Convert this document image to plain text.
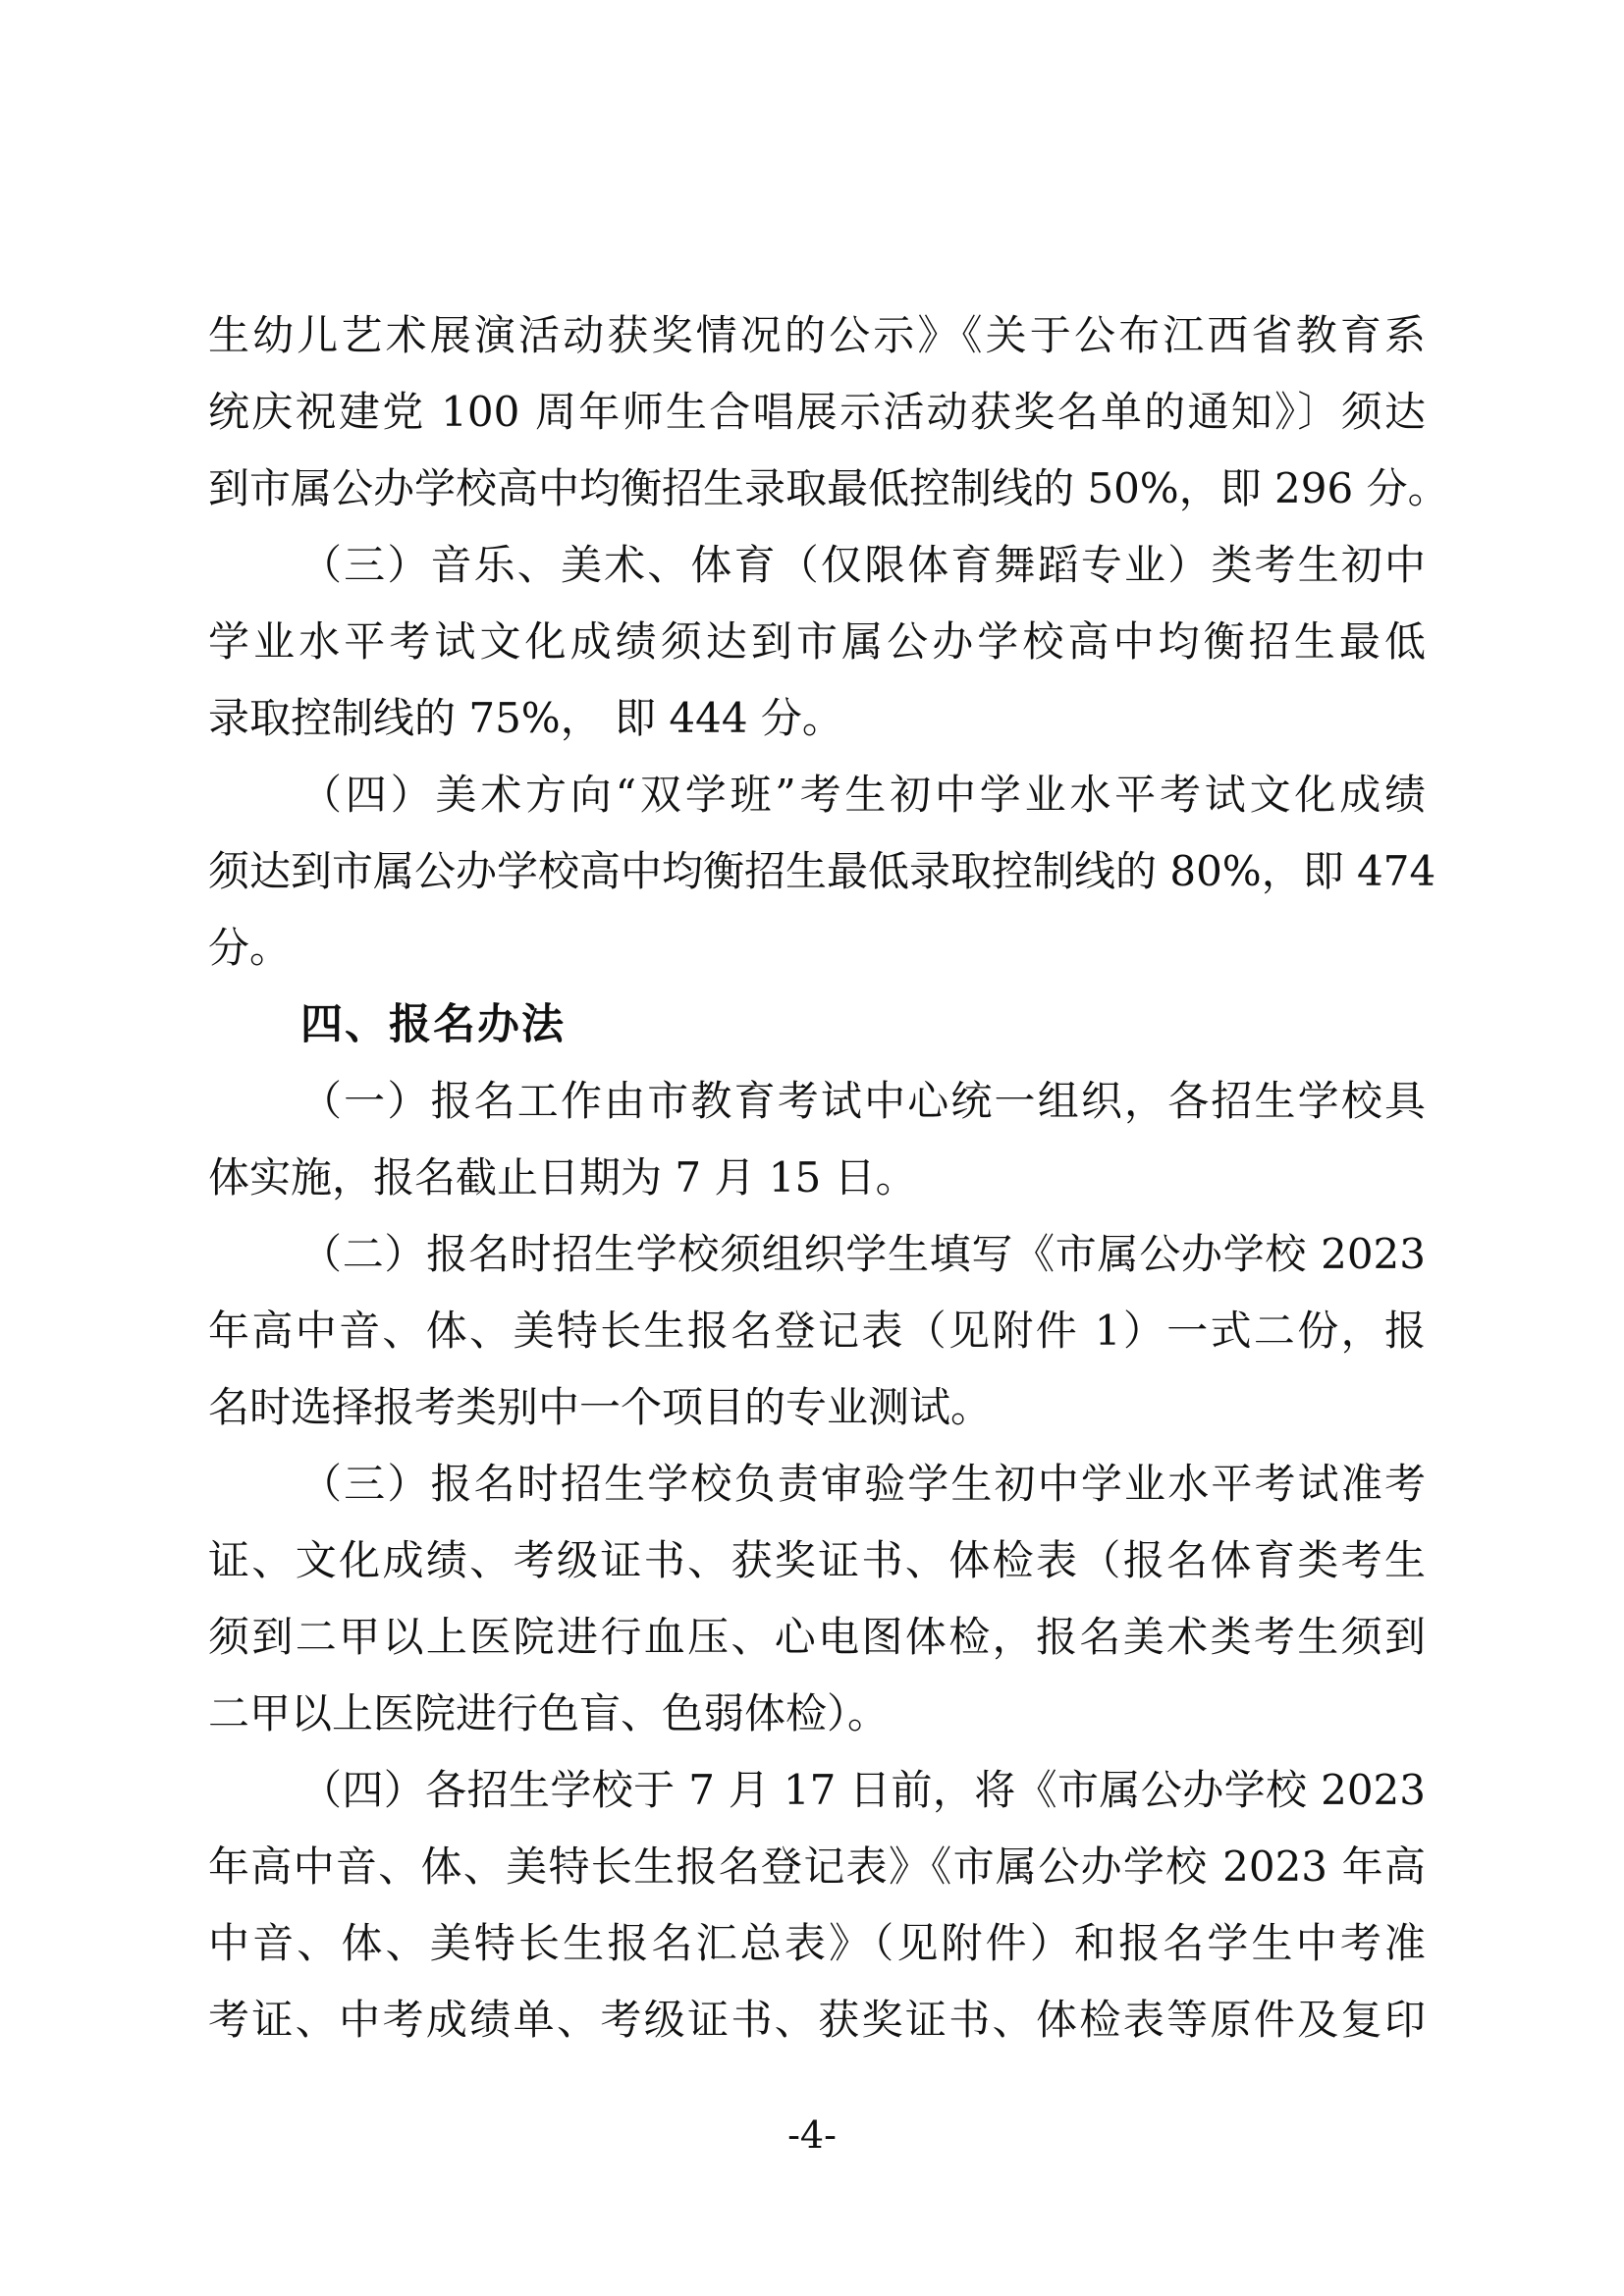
生幼儿艺术展演活动获奖情况的公示》《关于公布江西省教育系
统庆祝建党 100 周年师生合唱展示活动获奖名单的通知》〕须达
到市属公办学校高中均衡招生录取最低控制线的 50%，即 296 分。
（三）音乐、美术、体育（仅限体育舞蹈专业）类考生初中
学业水平考试文化成绩须达到市属公办学校高中均衡招生最低
录取控制线的 75%， 即 444 分。
（四）美术方向“双学班”考生初中学业水平考试文化成绩
须达到市属公办学校高中均衡招生最低录取控制线的 80%，即 474
分。
四、报名办法
（一）报名工作由市教育考试中心统一组织，各招生学校具
体实施，报名截止日期为 7 月 15 日。
（二）报名时招生学校须组织学生填写《市属公办学校 2023
年高中音、体、美特长生报名登记表（见附件 1）一式二份，报
名时选择报考类别中一个项目的专业测试。
（三）报名时招生学校负责审验学生初中学业水平考试准考
证、文化成绩、考级证书、获奖证书、体检表（报名体育类考生
须到二甲以上医院进行血压、心电图体检，报名美术类考生须到
二甲以上医院进行色盲、色弱体检）。
（四）各招生学校于 7 月 17 日前，将《市属公办学校 2023
年高中音、体、美特长生报名登记表》《市属公办学校 2023 年高
中音、体、美特长生报名汇总表》（见附件）和报名学生中考准
考证、中考成绩单、考级证书、获奖证书、体检表等原件及复印
-4-
